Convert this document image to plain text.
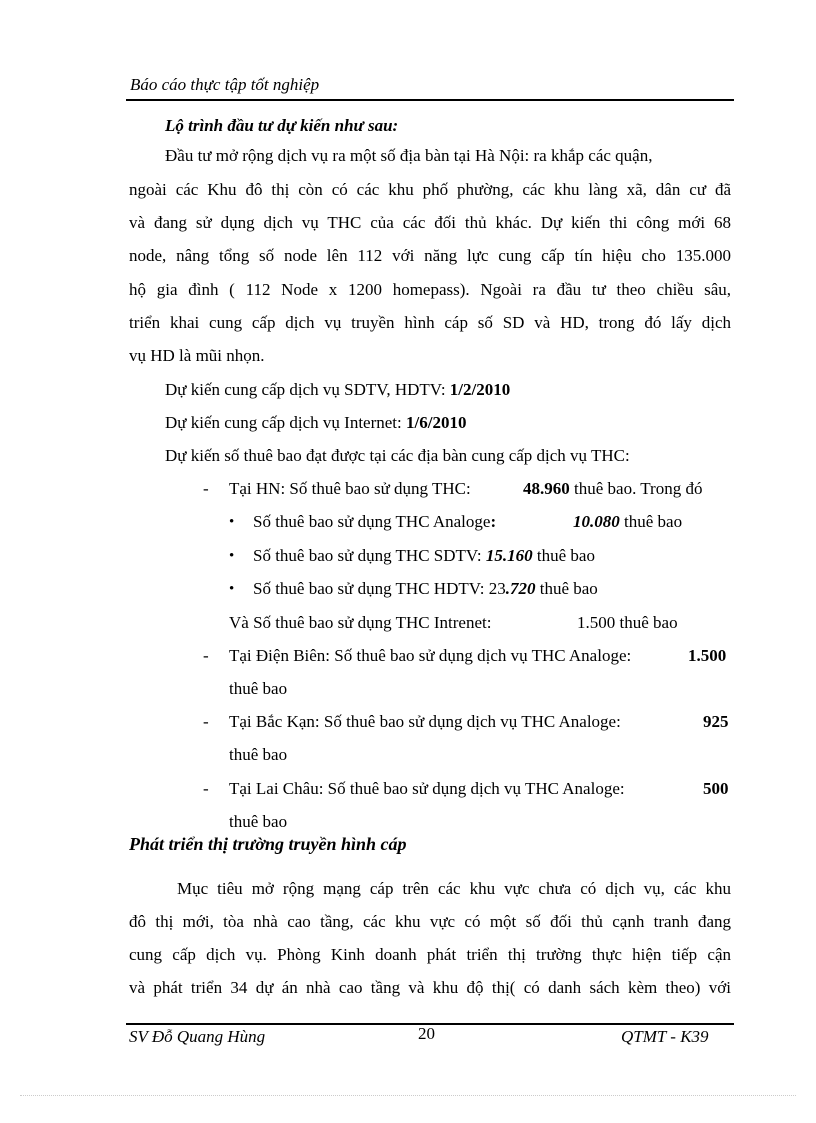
Báo cáo thực tập tốt nghiệp
Lộ trình đầu tư dự kiến như sau:
Đầu tư mở rộng dịch vụ ra một số địa bàn tại Hà Nội: ra khắp các quận,
ngoài các Khu đô thị còn có các khu phố phường, các khu làng xã, dân cư đã
và đang sử dụng dịch vụ THC của các đối thủ khác. Dự kiến thi công mới 68
node, nâng tổng số node lên 112 với năng lực cung cấp tín hiệu cho 135.000
hộ gia đình ( 112 Node x 1200 homepass). Ngoài ra đầu tư theo chiều sâu,
triển khai cung cấp dịch vụ truyền hình cáp số SD và HD, trong đó lấy dịch
vụ HD là mũi nhọn.
Dự kiến cung cấp dịch vụ SDTV, HDTV: 1/2/2010
Dự kiến cung cấp dịch vụ Internet: 1/6/2010
Dự kiến số thuê bao đạt được tại các địa bàn cung cấp dịch vụ THC:
- Tại HN: Số thuê bao sử dụng THC:	48.960 thuê bao. Trong đó
• Số thuê bao sử dụng THC Analoge:	10.080 thuê bao
• Số thuê bao sử dụng THC SDTV: 15.160 thuê bao
• Số thuê bao sử dụng THC HDTV: 23.720 thuê bao
Và Số thuê bao sử dụng THC Intrenet:	1.500 thuê bao
- Tại Điện Biên: Số thuê bao sử dụng dịch vụ THC Analoge:	1.500
thuê bao
- Tại Bắc Kạn: Số thuê bao sử dụng dịch vụ THC Analoge:	925
thuê bao
- Tại Lai Châu: Số thuê bao sử dụng dịch vụ THC Analoge:	500
thuê bao
Phát triển thị trường truyền hình cáp
Mục tiêu mở rộng mạng cáp trên các khu vực chưa có dịch vụ, các khu
đô thị mới, tòa nhà cao tầng, các khu vực có một số đối thủ cạnh tranh đang
cung cấp dịch vụ. Phòng Kinh doanh phát triển thị trường thực hiện tiếp cận
và phát triển 34 dự án nhà cao tầng và khu độ thị( có danh sách kèm theo) với
SV Đỗ Quang Hùng	20	QTMT - K39
